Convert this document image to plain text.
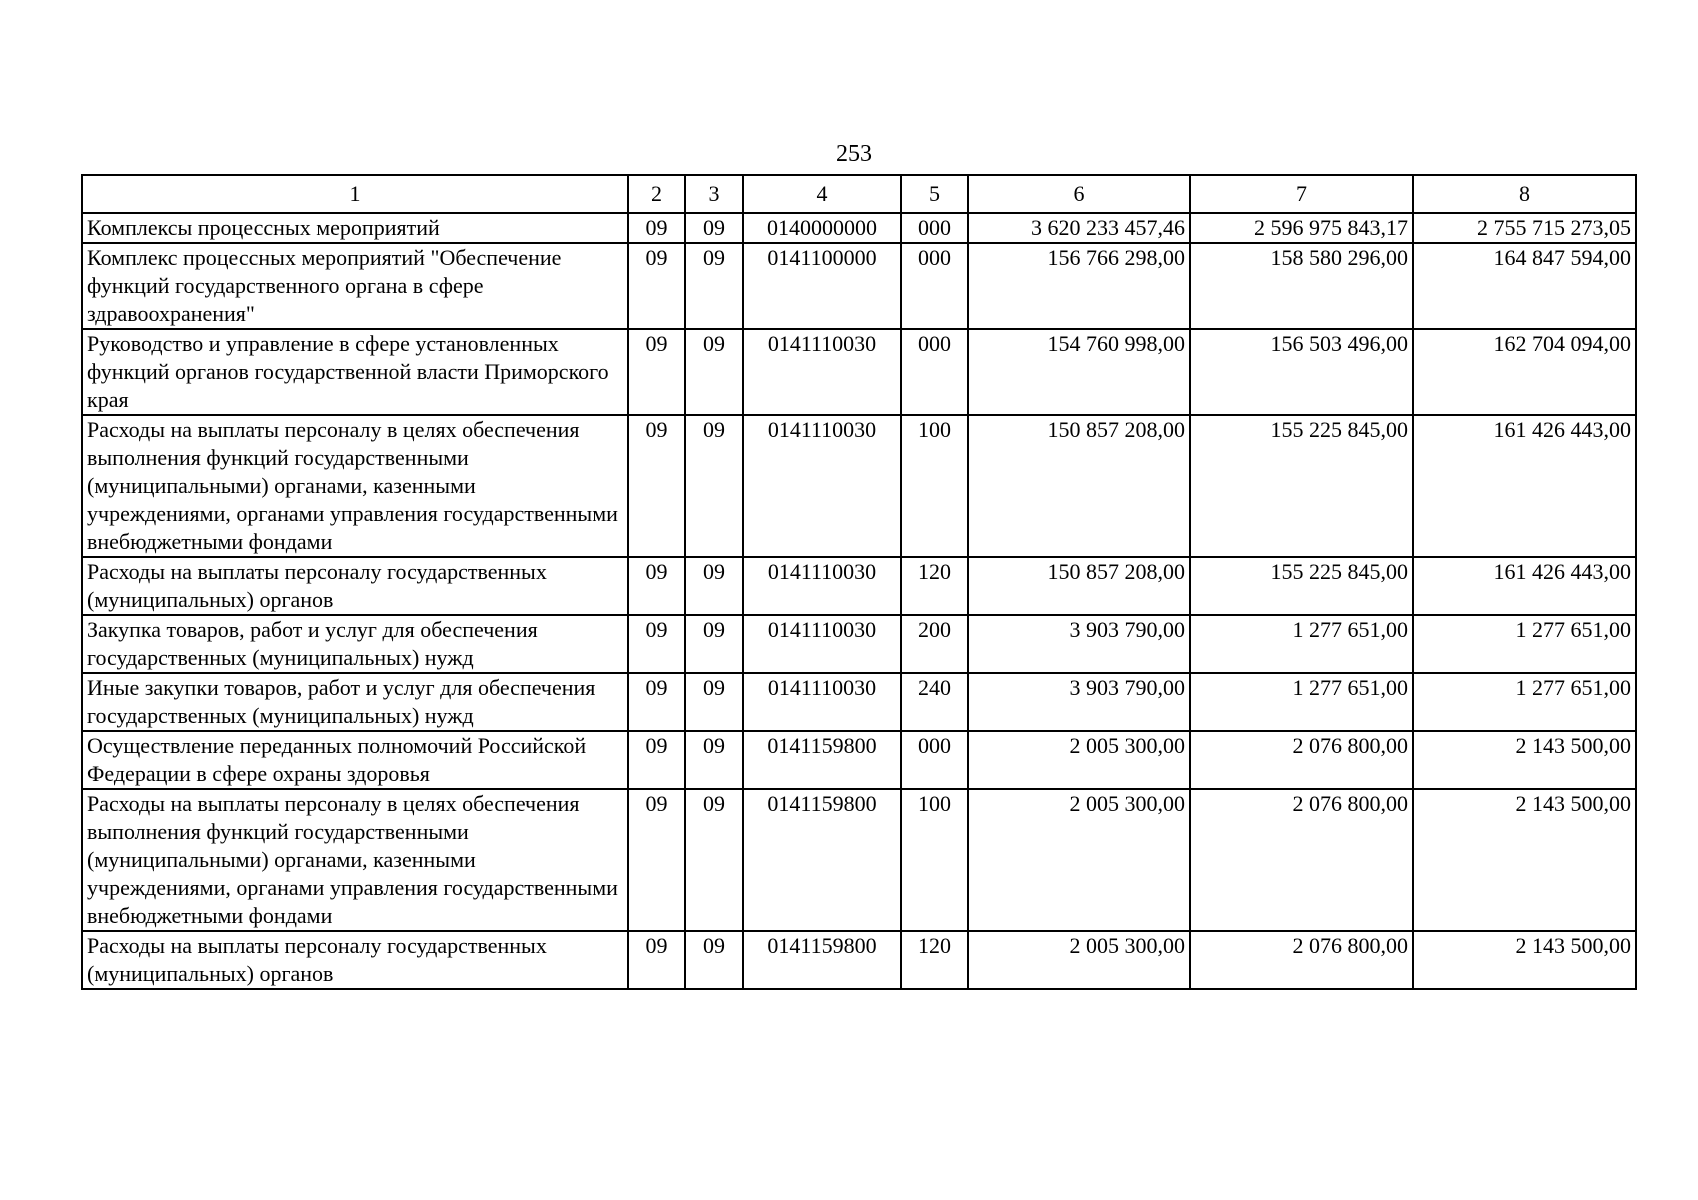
253
1	2	3	4	5	6	7	8
Комплексы процессных мероприятий	09	09	0140000000	000	3 620 233 457,46	2 596 975 843,17	2 755 715 273,05
Комплекс процессных мероприятий "Обеспечение функций государственного органа в сфере здравоохранения"	09	09	0141100000	000	156 766 298,00	158 580 296,00	164 847 594,00
Руководство и управление в сфере установленных функций органов государственной власти Приморского края	09	09	0141110030	000	154 760 998,00	156 503 496,00	162 704 094,00
Расходы на выплаты персоналу в целях обеспечения выполнения функций государственными (муниципальными) органами, казенными учреждениями, органами управления государственными внебюджетными фондами	09	09	0141110030	100	150 857 208,00	155 225 845,00	161 426 443,00
Расходы на выплаты персоналу государственных (муниципальных) органов	09	09	0141110030	120	150 857 208,00	155 225 845,00	161 426 443,00
Закупка товаров, работ и услуг для обеспечения государственных (муниципальных) нужд	09	09	0141110030	200	3 903 790,00	1 277 651,00	1 277 651,00
Иные закупки товаров, работ и услуг для обеспечения государственных (муниципальных) нужд	09	09	0141110030	240	3 903 790,00	1 277 651,00	1 277 651,00
Осуществление переданных полномочий Российской Федерации в сфере охраны здоровья	09	09	0141159800	000	2 005 300,00	2 076 800,00	2 143 500,00
Расходы на выплаты персоналу в целях обеспечения выполнения функций государственными (муниципальными) органами, казенными учреждениями, органами управления государственными внебюджетными фондами	09	09	0141159800	100	2 005 300,00	2 076 800,00	2 143 500,00
Расходы на выплаты персоналу государственных (муниципальных) органов	09	09	0141159800	120	2 005 300,00	2 076 800,00	2 143 500,00
